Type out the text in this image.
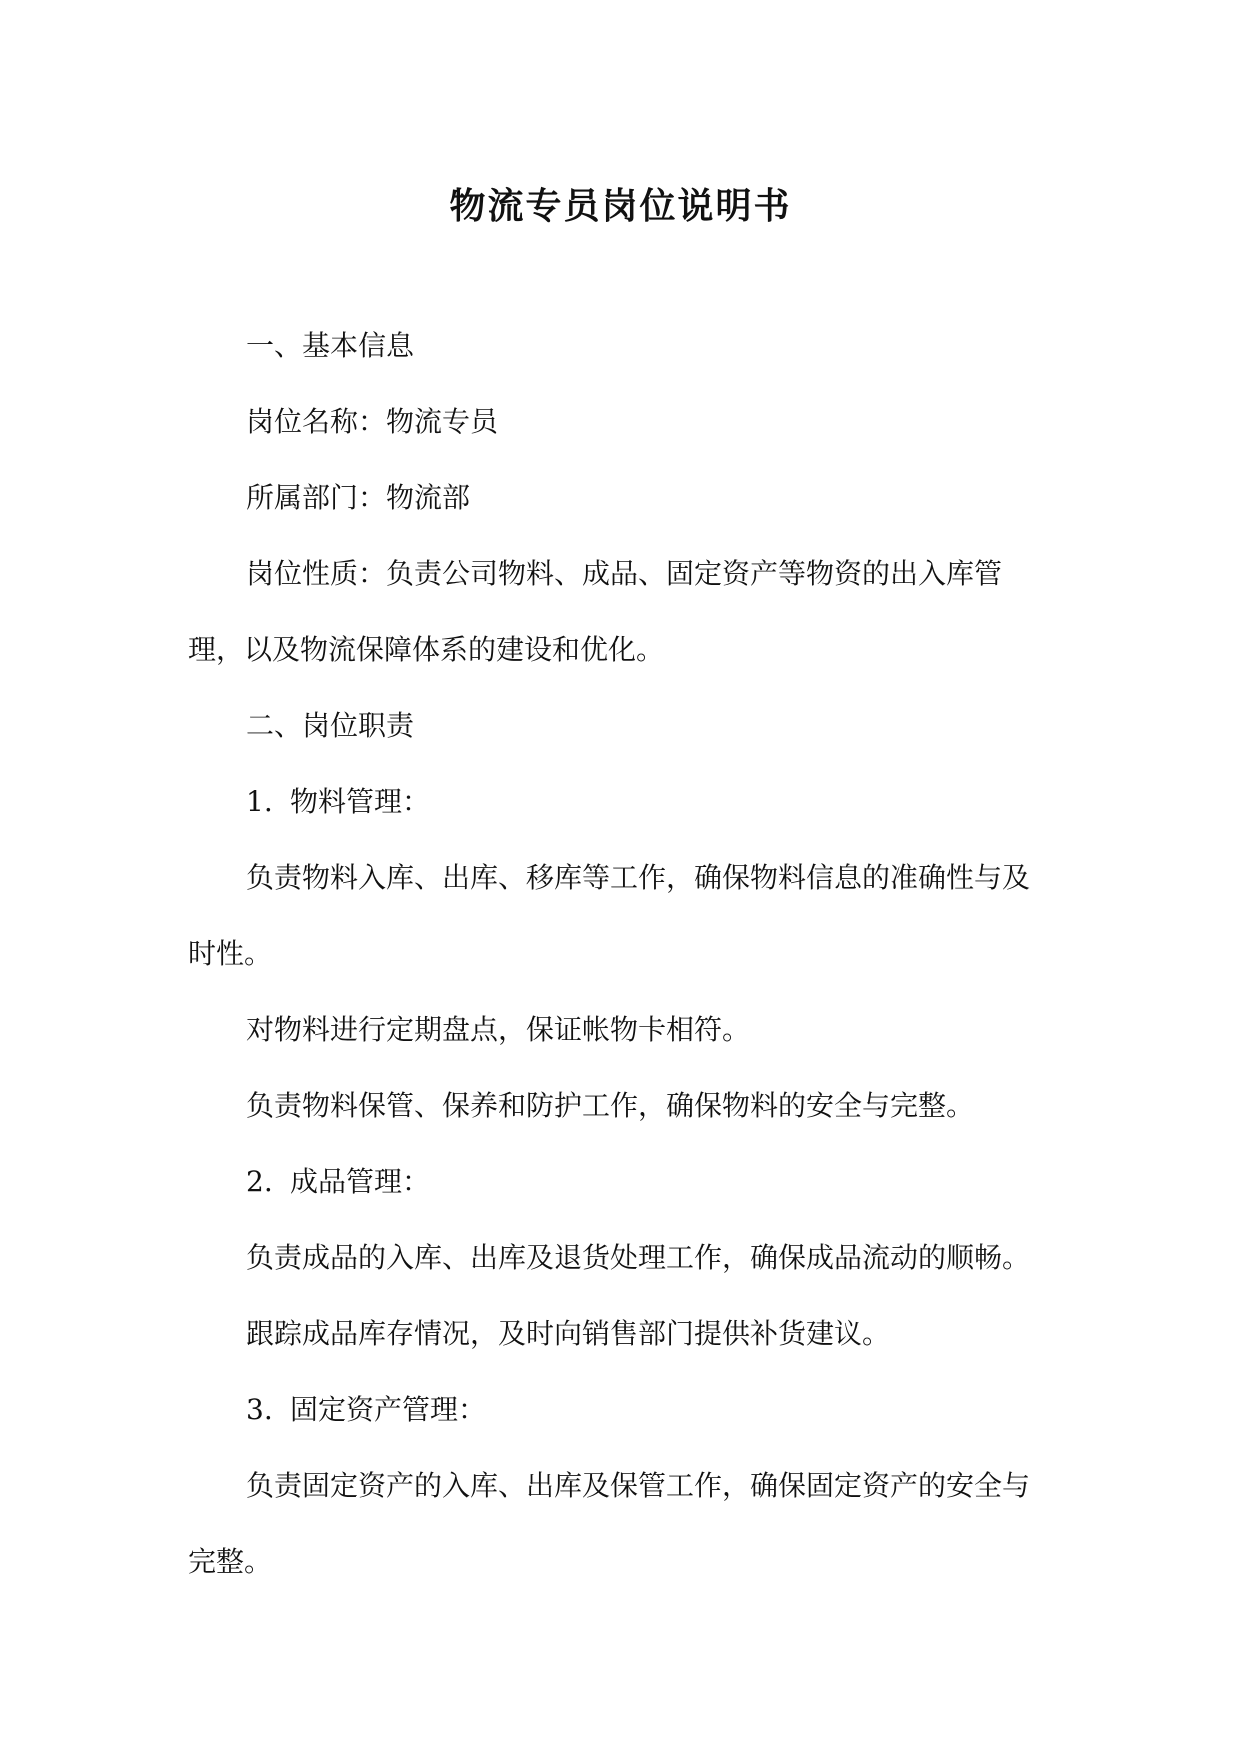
物流专员岗位说明书

一、基本信息

岗位名称：物流专员

所属部门：物流部

岗位性质：负责公司物料、成品、固定资产等物资的出入库管理，以及物流保障体系的建设和优化。

二、岗位职责

1. 物料管理：

负责物料入库、出库、移库等工作，确保物料信息的准确性与及时性。

对物料进行定期盘点，保证帐物卡相符。

负责物料保管、保养和防护工作，确保物料的安全与完整。

2. 成品管理：

负责成品的入库、出库及退货处理工作，确保成品流动的顺畅。

跟踪成品库存情况，及时向销售部门提供补货建议。

3. 固定资产管理：

负责固定资产的入库、出库及保管工作，确保固定资产的安全与完整。
